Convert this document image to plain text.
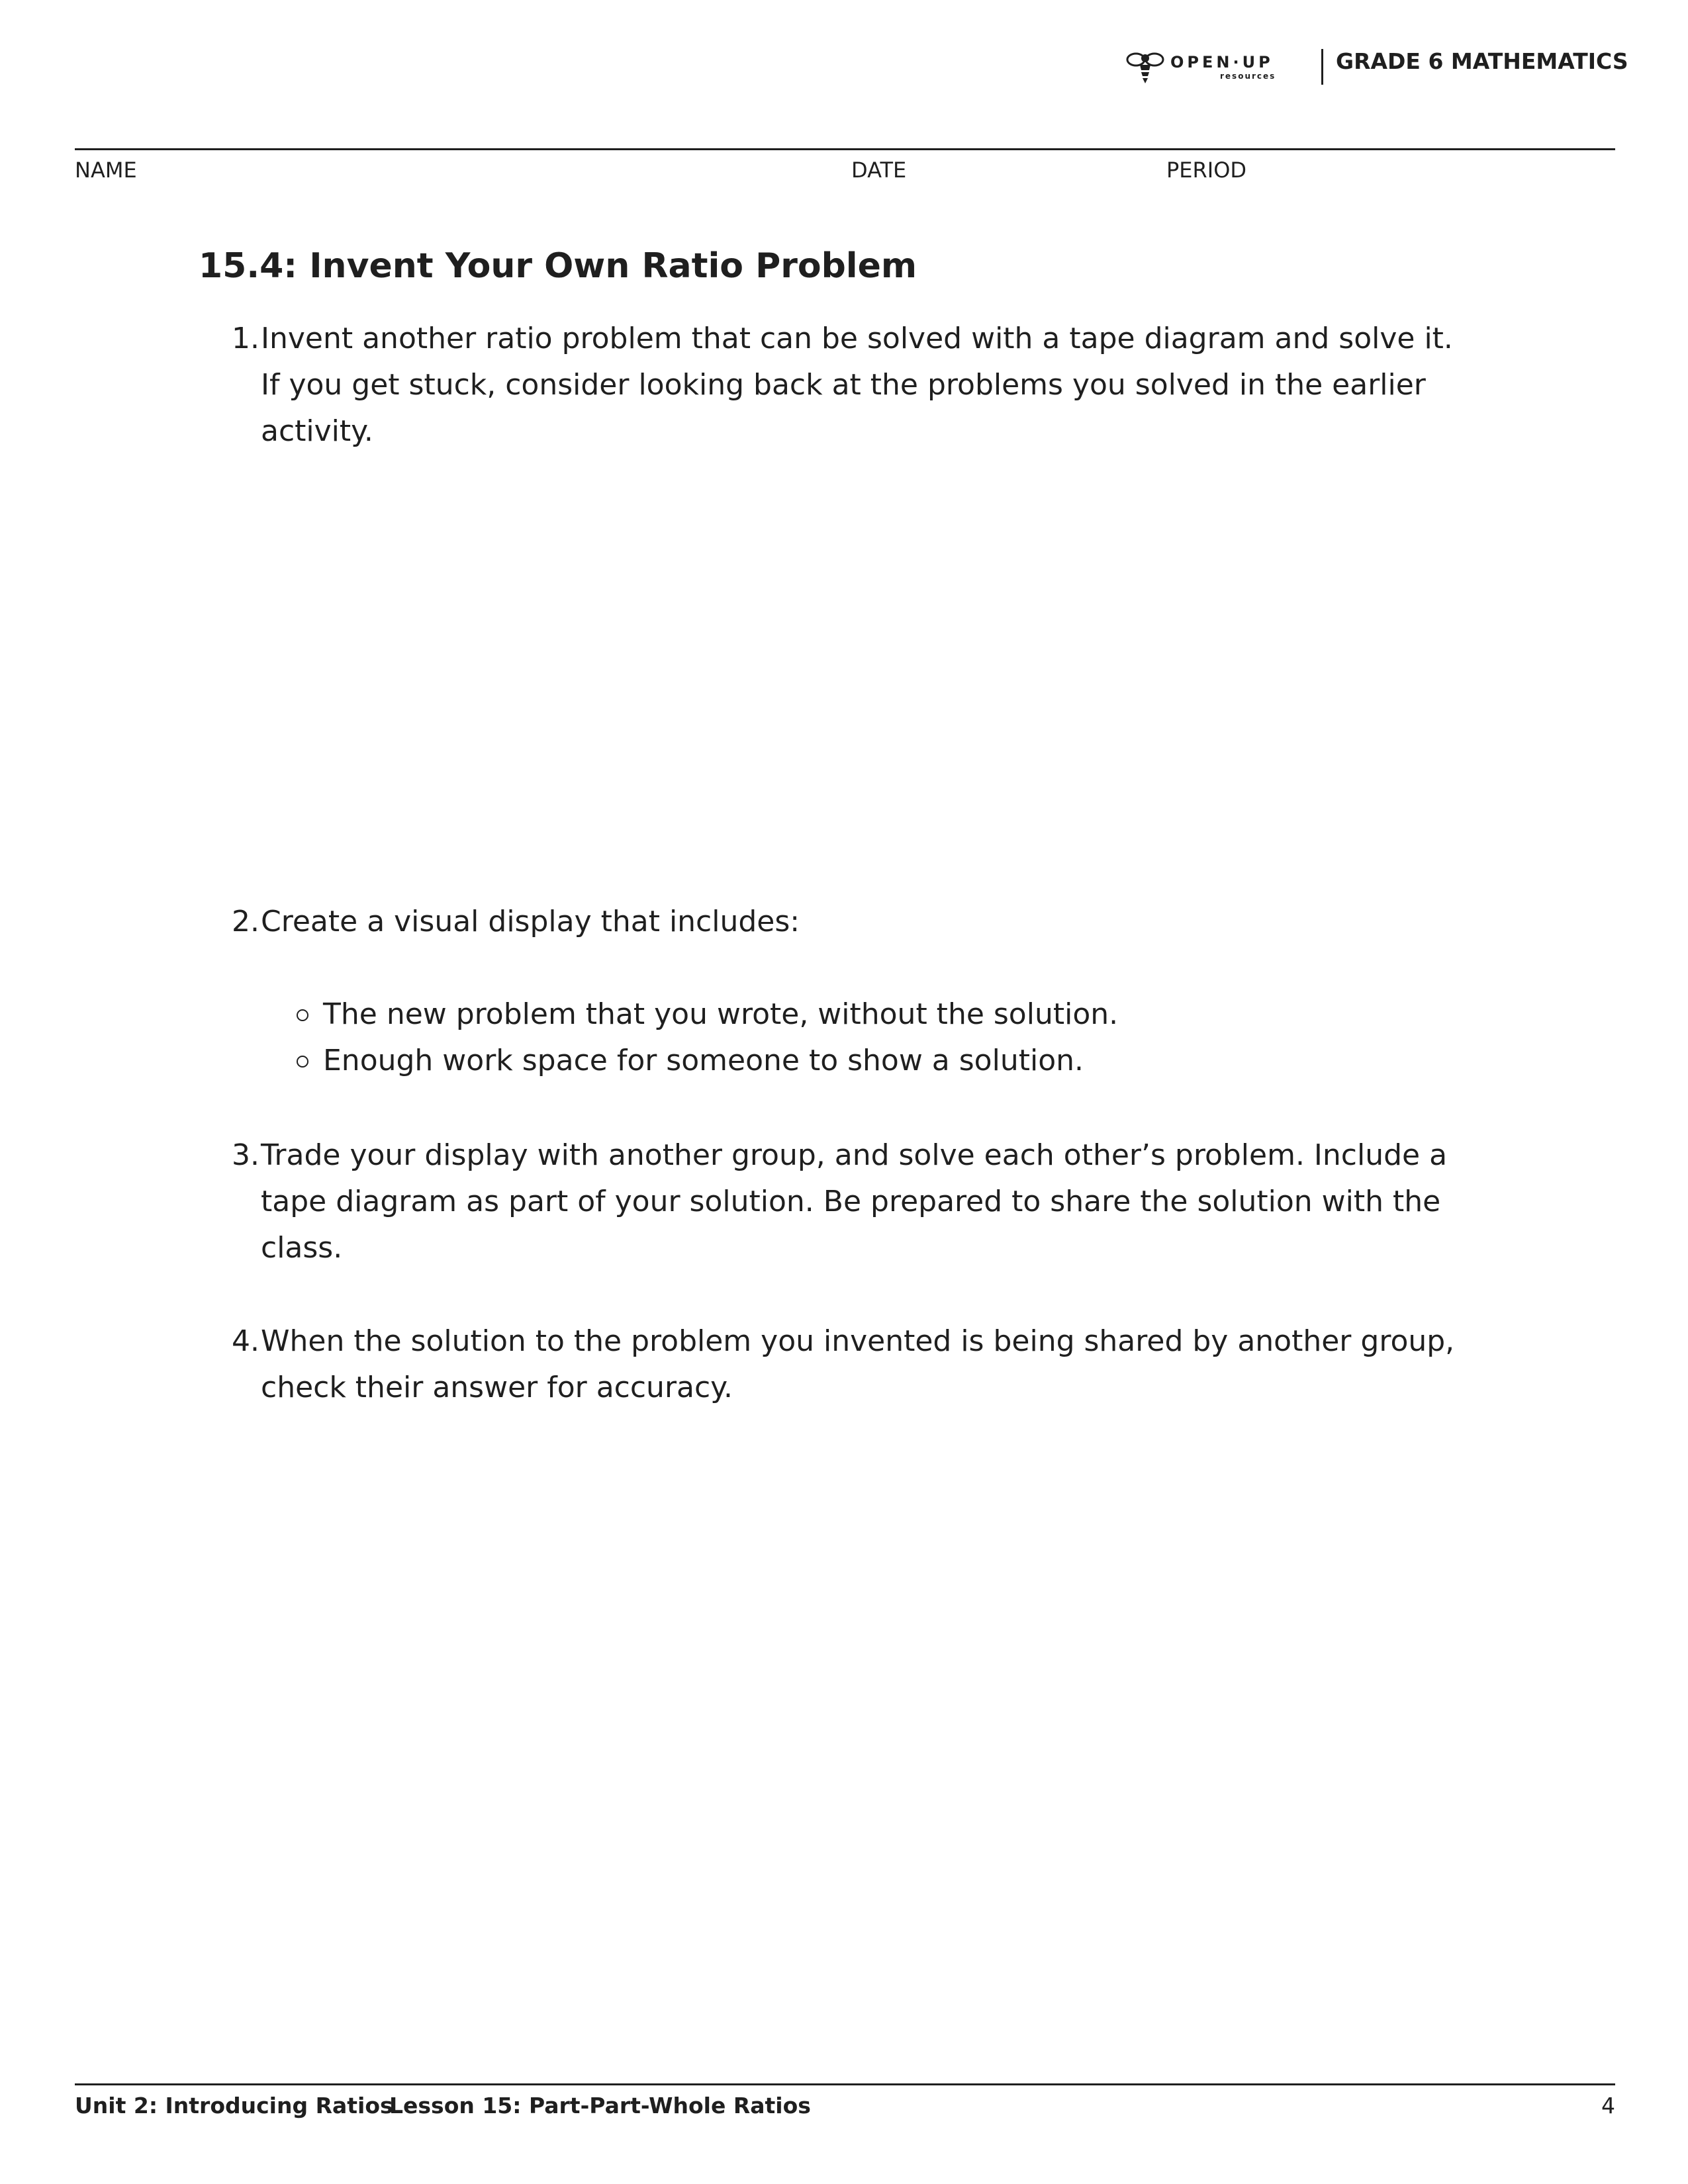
OPEN·UP
resources
GRADE 6 MATHEMATICS
NAME	DATE	PERIOD
15.4: Invent Your Own Ratio Problem
1. Invent another ratio problem that can be solved with a tape diagram and solve it. If you get stuck, consider looking back at the problems you solved in the earlier activity.
2. Create a visual display that includes:
The new problem that you wrote, without the solution.
Enough work space for someone to show a solution.
3. Trade your display with another group, and solve each other’s problem. Include a tape diagram as part of your solution. Be prepared to share the solution with the class.
4. When the solution to the problem you invented is being shared by another group, check their answer for accuracy.
Unit 2: Introducing Ratios
Lesson 15: Part-Part-Whole Ratios	4
